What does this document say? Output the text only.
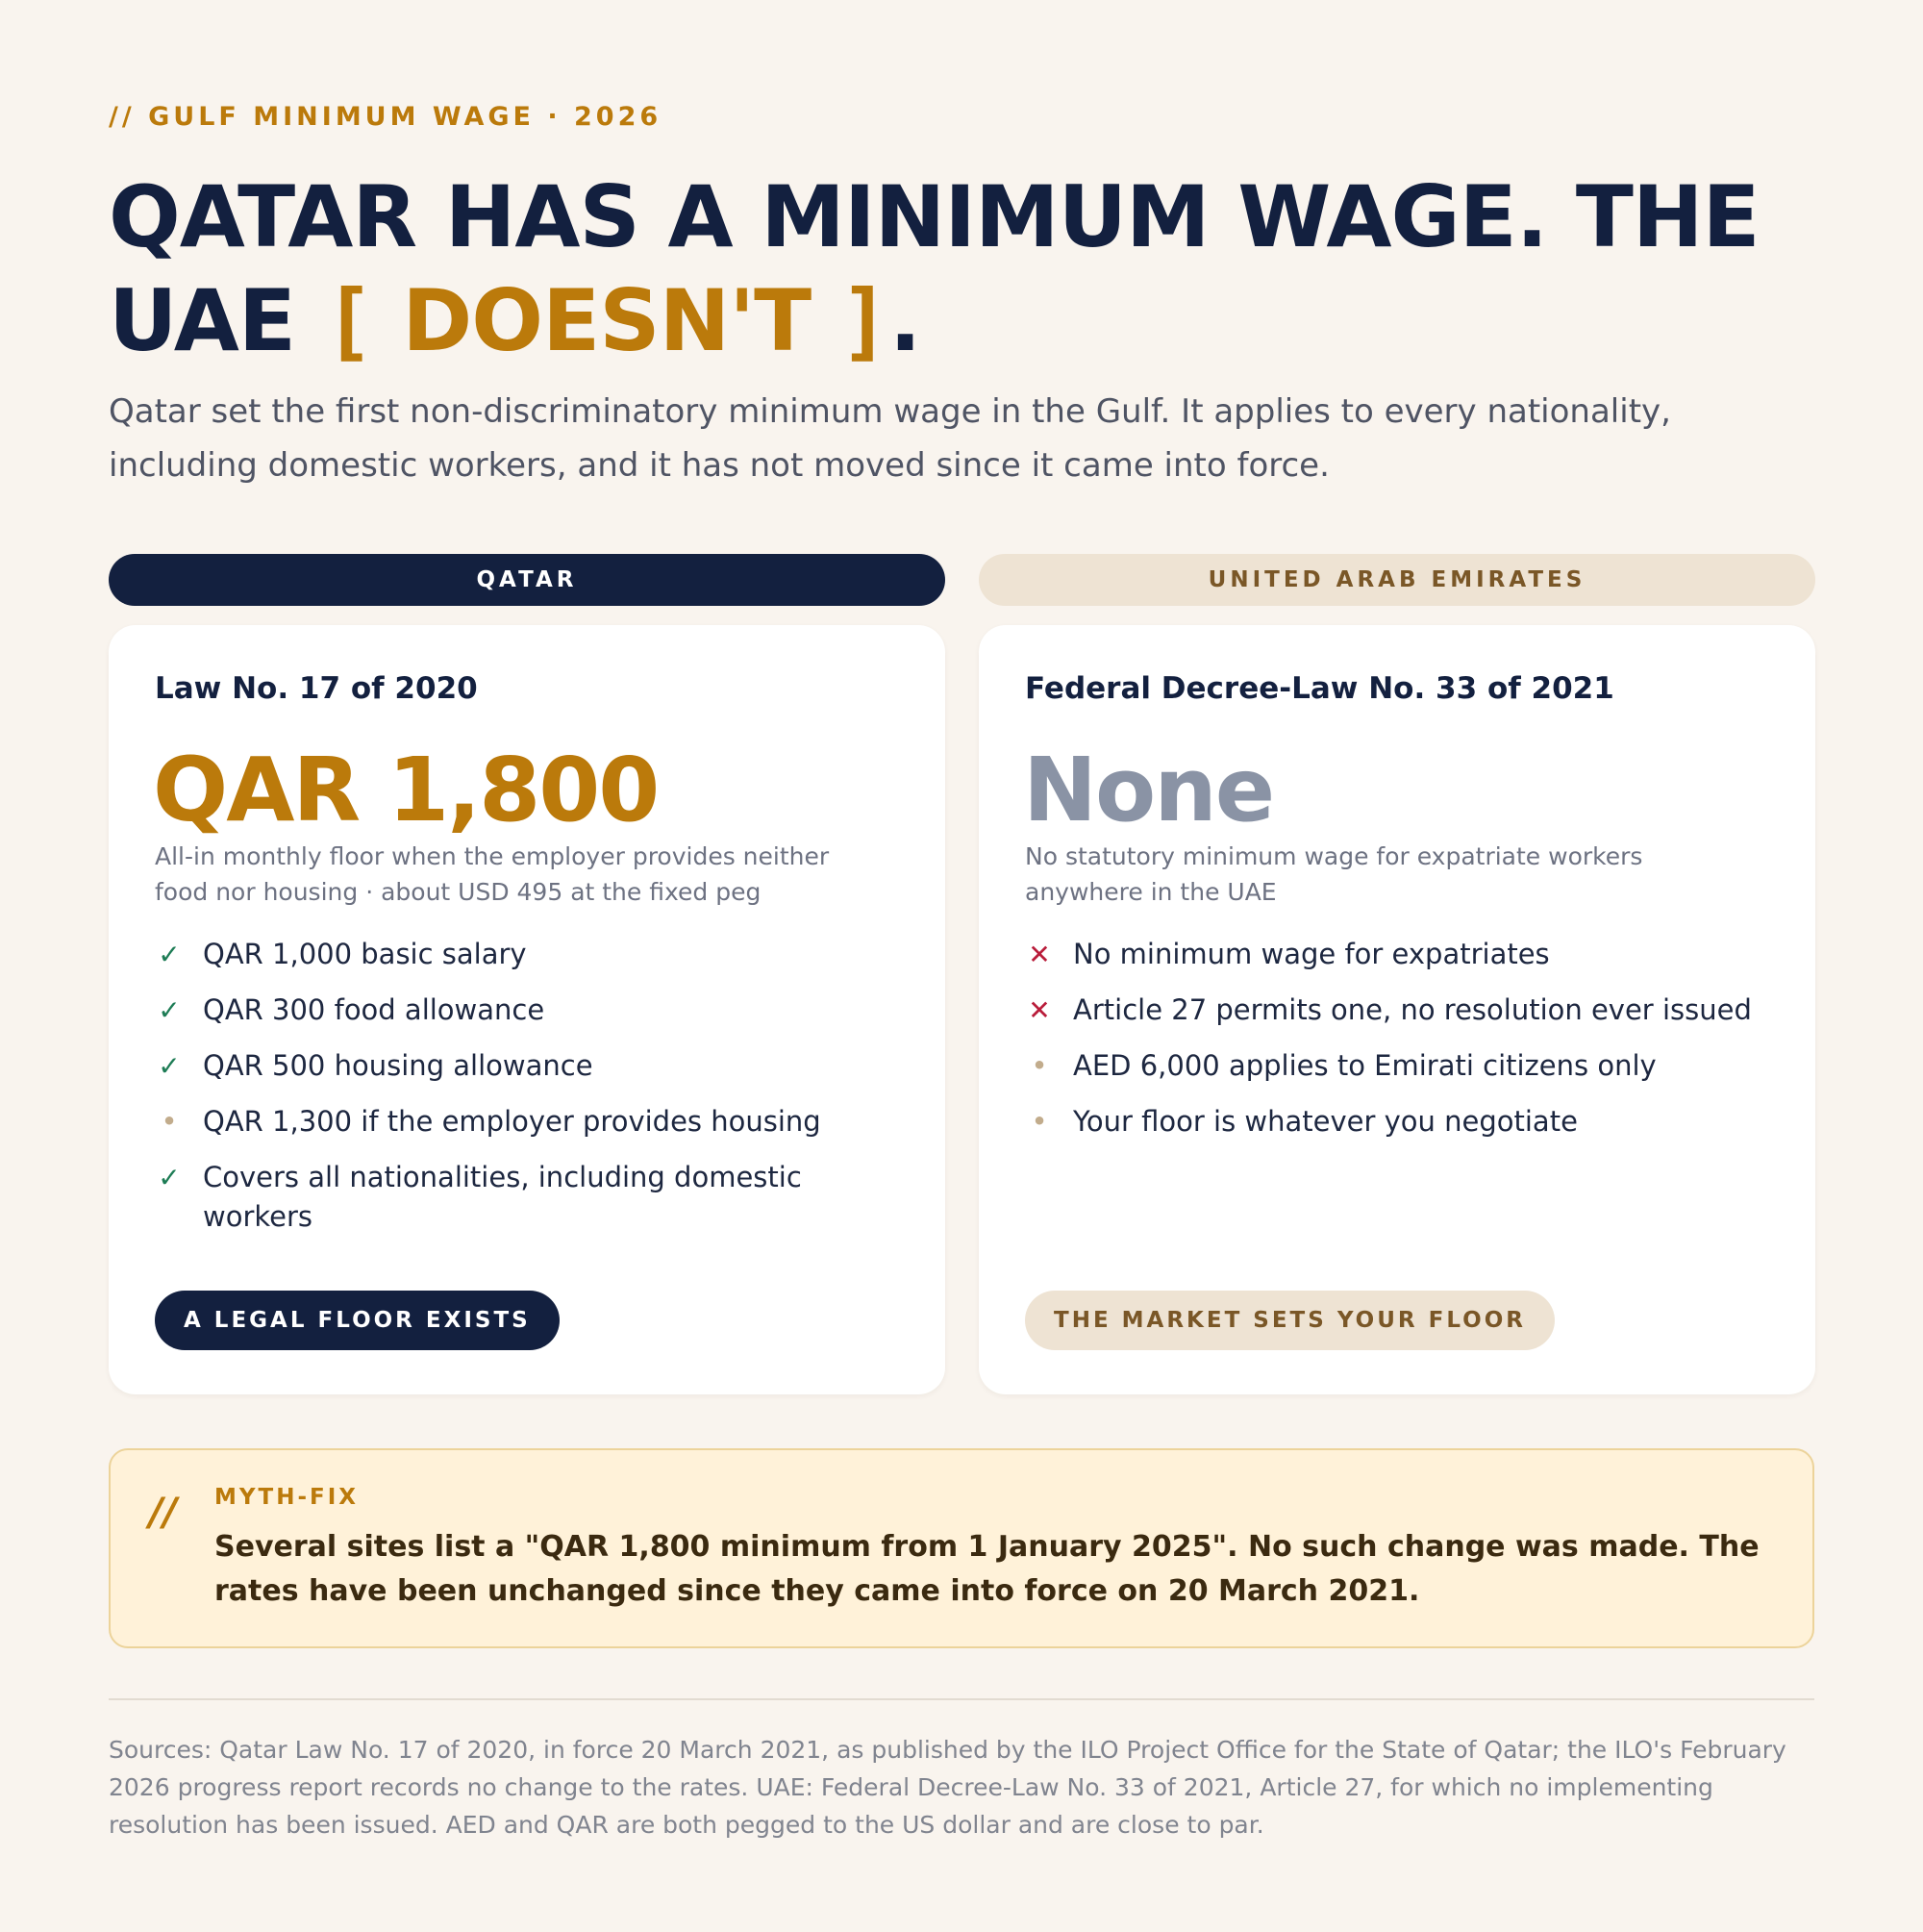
// GULF MINIMUM WAGE · 2026
QATAR HAS A MINIMUM WAGE. THE
UAE [ DOESN'T ].

Qatar set the first non-discriminatory minimum wage in the Gulf. It applies to every nationality, including domestic workers, and it has not moved since it came into force.

QATAR
Law No. 17 of 2020
QAR 1,800
All-in monthly floor when the employer provides neither food nor housing · about USD 495 at the fixed peg
✓ QAR 1,000 basic salary
✓ QAR 300 food allowance
✓ QAR 500 housing allowance
• QAR 1,300 if the employer provides housing
✓ Covers all nationalities, including domestic workers
A LEGAL FLOOR EXISTS
UNITED ARAB EMIRATES
Federal Decree-Law No. 33 of 2021
None
No statutory minimum wage for expatriate workers anywhere in the UAE
✕ No minimum wage for expatriates
✕ Article 27 permits one, no resolution ever issued
• AED 6,000 applies to Emirati citizens only
• Your floor is whatever you negotiate
THE MARKET SETS YOUR FLOOR
// MYTH-FIX
Several sites list a "QAR 1,800 minimum from 1 January 2025". No such change was made. The rates have been unchanged since they came into force on 20 March 2021.

Sources: Qatar Law No. 17 of 2020, in force 20 March 2021, as published by the ILO Project Office for the State of Qatar; the ILO's February 2026 progress report records no change to the rates. UAE: Federal Decree-Law No. 33 of 2021, Article 27, for which no implementing resolution has been issued. AED and QAR are both pegged to the US dollar and are close to par.
